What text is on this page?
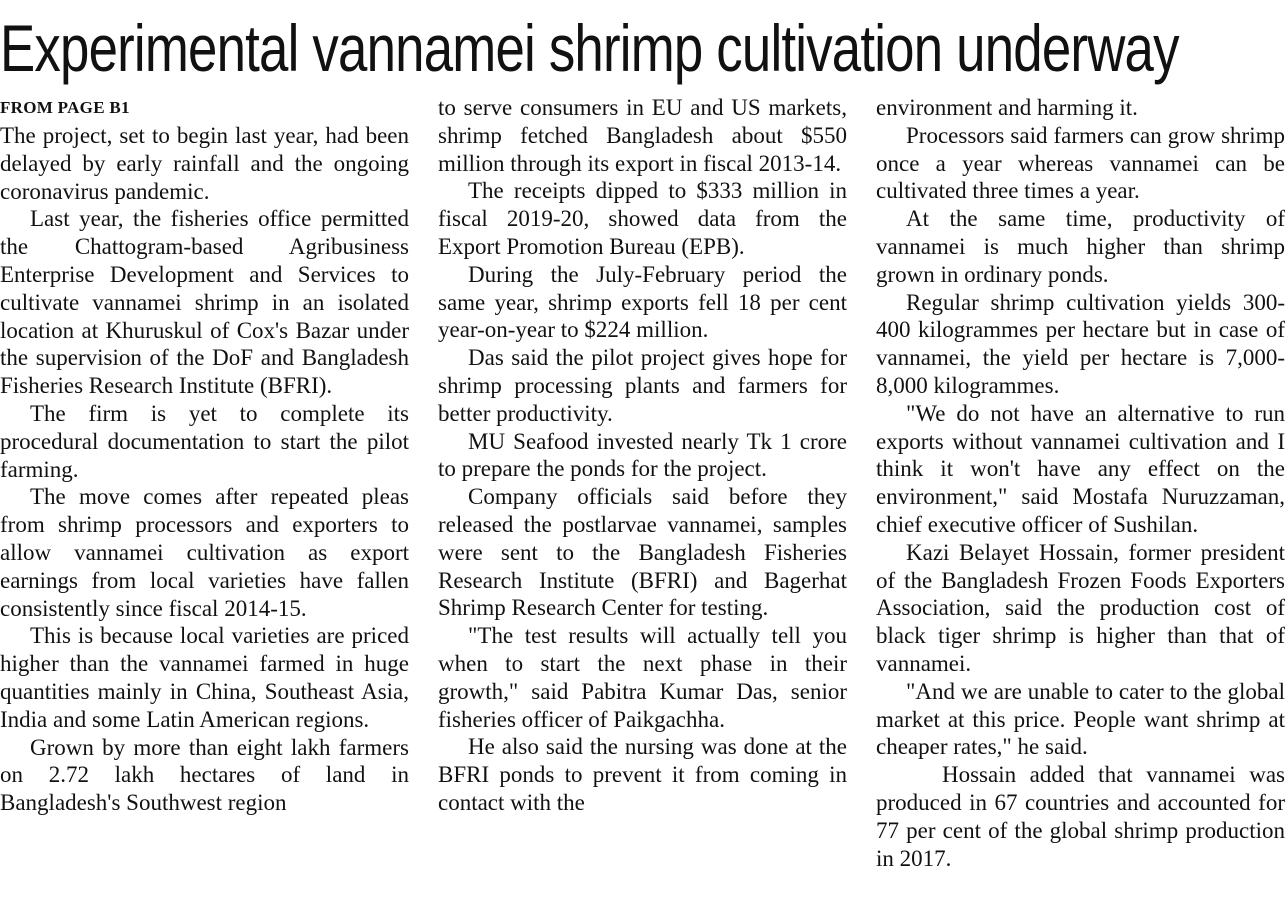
Experimental vannamei shrimp cultivation underway
FROM PAGE B1

The project, set to begin last year, had been delayed by early rainfall and the ongoing coronavirus pandemic.

Last year, the fisheries office permitted the Chattogram-based Agribusiness Enterprise Development and Services to cultivate vannamei shrimp in an isolated location at Khuruskul of Cox's Bazar under the supervision of the DoF and Bangladesh Fisheries Research Institute (BFRI).

The firm is yet to complete its procedural documentation to start the pilot farming.

The move comes after repeated pleas from shrimp processors and exporters to allow vannamei cultivation as export earnings from local varieties have fallen consistently since fiscal 2014-15.

This is because local varieties are priced higher than the vannamei farmed in huge quantities mainly in China, Southeast Asia, India and some Latin American regions.

Grown by more than eight lakh farmers on 2.72 lakh hectares of land in Bangladesh's Southwest region

to serve consumers in EU and US markets, shrimp fetched Bangladesh about $550 million through its export in fiscal 2013-14.

The receipts dipped to $333 million in fiscal 2019-20, showed data from the Export Promotion Bureau (EPB).

During the July-February period the same year, shrimp exports fell 18 per cent year-on-year to $224 million.

Das said the pilot project gives hope for shrimp processing plants and farmers for better productivity.

MU Seafood invested nearly Tk 1 crore to prepare the ponds for the project.

Company officials said before they released the postlarvae vannamei, samples were sent to the Bangladesh Fisheries Research Institute (BFRI) and Bagerhat Shrimp Research Center for testing.

"The test results will actually tell you when to start the next phase in their growth," said Pabitra Kumar Das, senior fisheries officer of Paikgachha.

He also said the nursing was done at the BFRI ponds to prevent it from coming in contact with the

environment and harming it.

Processors said farmers can grow shrimp once a year whereas vannamei can be cultivated three times a year.

At the same time, productivity of vannamei is much higher than shrimp grown in ordinary ponds.

Regular shrimp cultivation yields 300-400 kilogrammes per hectare but in case of vannamei, the yield per hectare is 7,000-8,000 kilogrammes.

"We do not have an alternative to run exports without vannamei cultivation and I think it won't have any effect on the environment," said Mostafa Nuruzzaman, chief executive officer of Sushilan.

Kazi Belayet Hossain, former president of the Bangladesh Frozen Foods Exporters Association, said the production cost of black tiger shrimp is higher than that of vannamei.

"And we are unable to cater to the global market at this price. People want shrimp at cheaper rates," he said.

Hossain added that vannamei was produced in 67 countries and accounted for 77 per cent of the global shrimp production in 2017.
